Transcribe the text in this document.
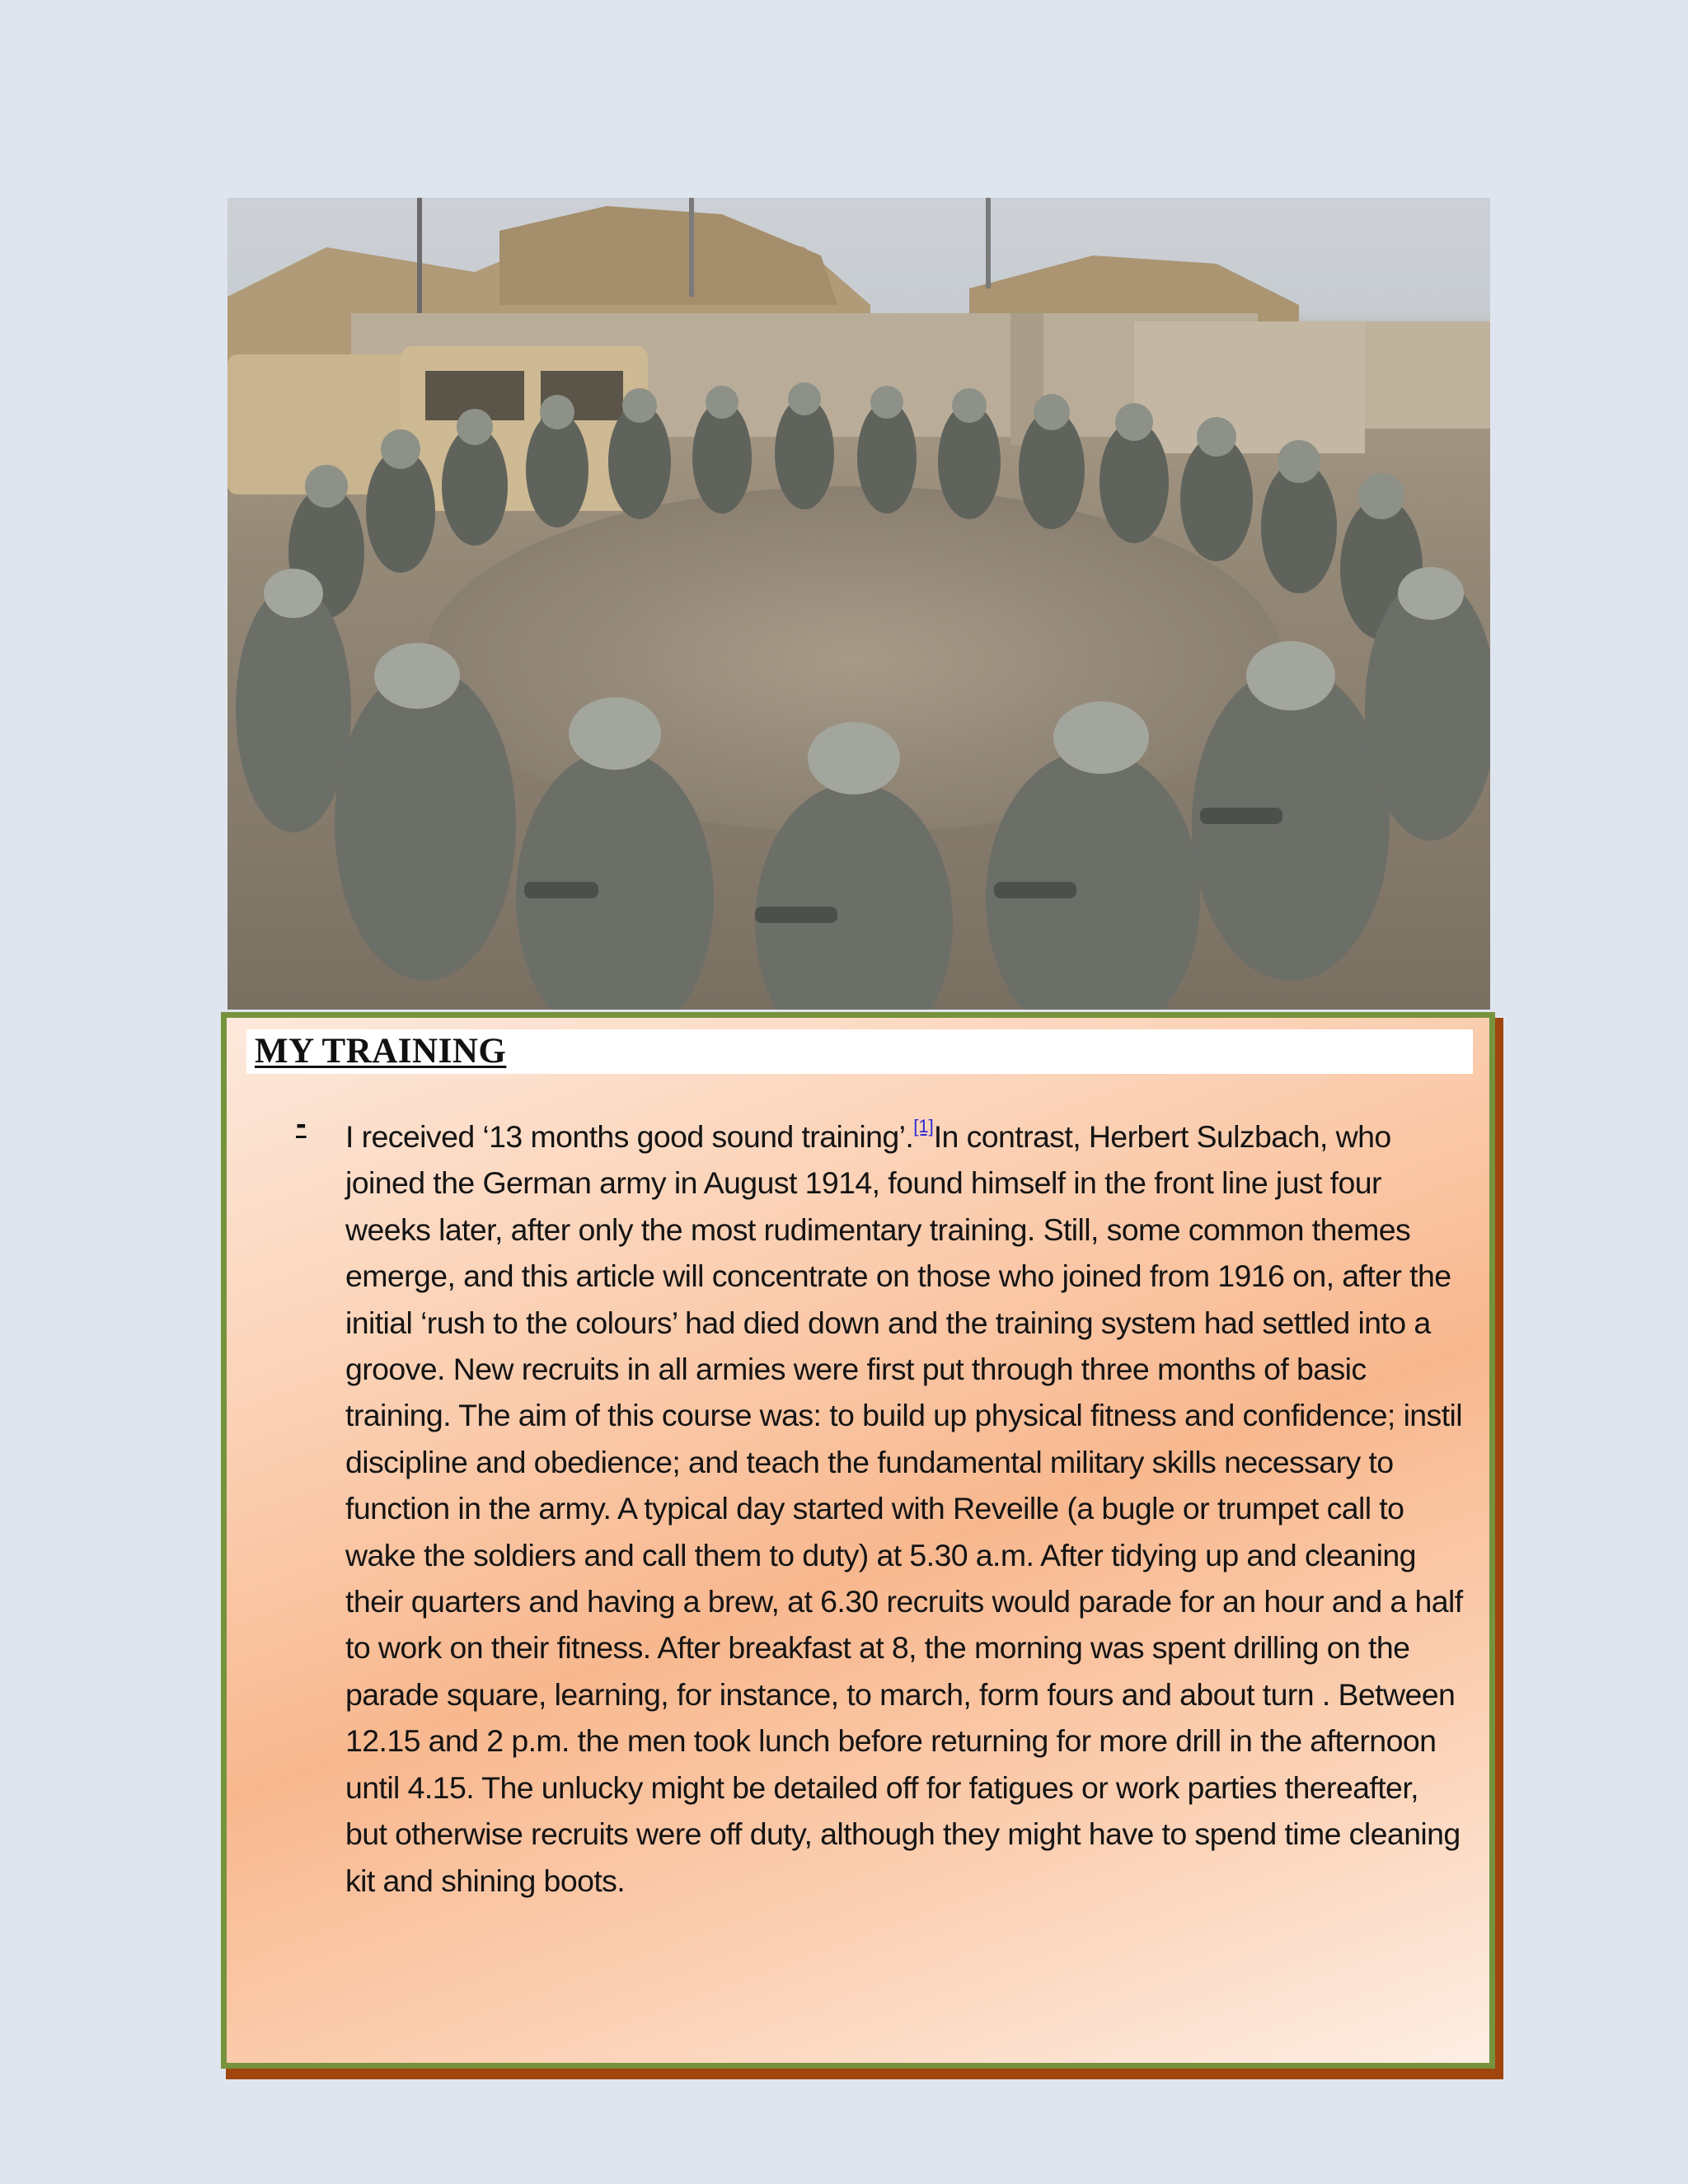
MY TRAINING
- I received ‘13 months good sound training’.[1]In contrast, Herbert Sulzbach, who joined the German army in August 1914, found himself in the front line just four weeks later, after only the most rudimentary training. Still, some common themes emerge, and this article will concentrate on those who joined from 1916 on, after the initial ‘rush to the colours’ had died down and the training system had settled into a groove. New recruits in all armies were first put through three months of basic training. The aim of this course was: to build up physical fitness and confidence; instil discipline and obedience; and teach the fundamental military skills necessary to function in the army. A typical day started with Reveille (a bugle or trumpet call to wake the soldiers and call them to duty) at 5.30 a.m. After tidying up and cleaning their quarters and having a brew, at 6.30 recruits would parade for an hour and a half to work on their fitness. After breakfast at 8, the morning was spent drilling on the parade square, learning, for instance, to march, form fours and about turn . Between 12.15 and 2 p.m. the men took lunch before returning for more drill in the afternoon until 4.15. The unlucky might be detailed off for fatigues or work parties thereafter, but otherwise recruits were off duty, although they might have to spend time cleaning kit and shining boots.
